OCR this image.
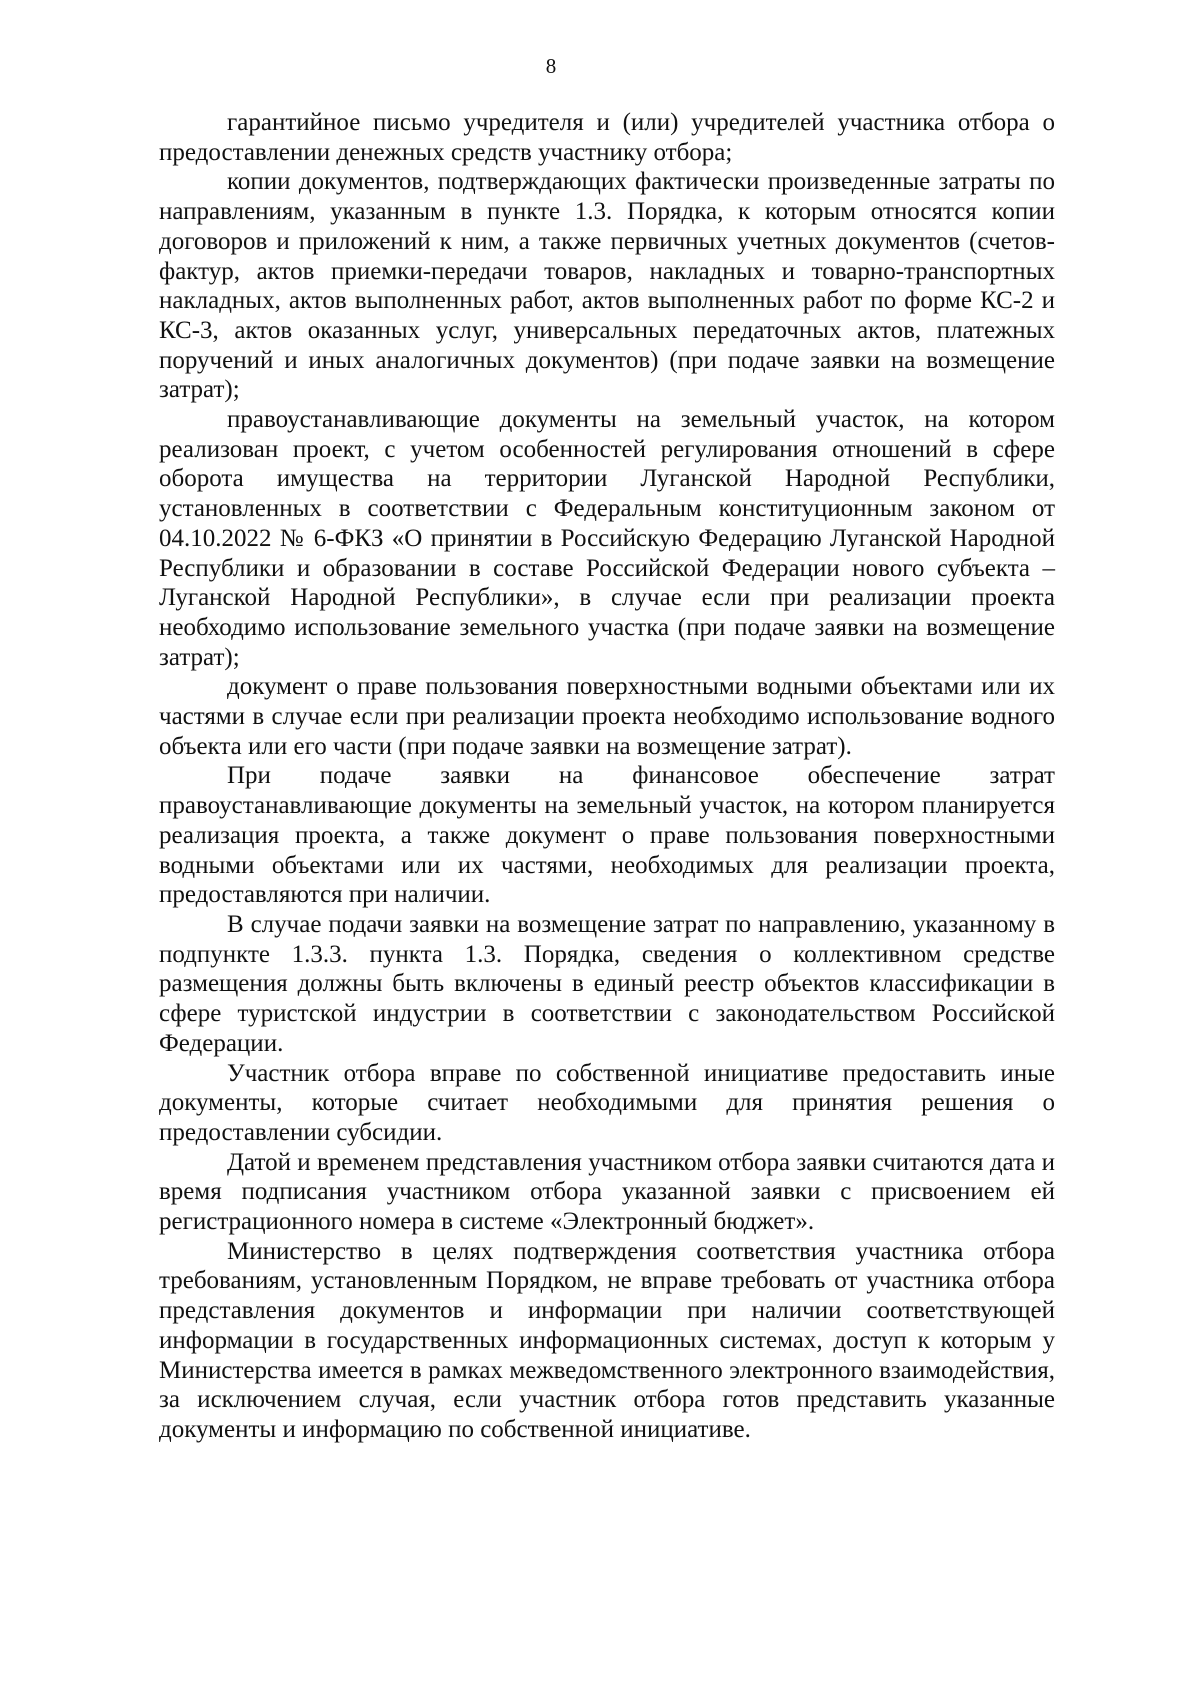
8

гарантийное письмо учредителя и (или) учредителей участника отбора о предоставлении денежных средств участнику отбора;

копии документов, подтверждающих фактически произведенные затраты по направлениям, указанным в пункте 1.3. Порядка, к которым относятся копии договоров и приложений к ним, а также первичных учетных документов (счетов-фактур, актов приемки-передачи товаров, накладных и товарно-транспортных накладных, актов выполненных работ, актов выполненных работ по форме КС-2 и КС-3, актов оказанных услуг, универсальных передаточных актов, платежных поручений и иных аналогичных документов) (при подаче заявки на возмещение затрат);

правоустанавливающие документы на земельный участок, на котором реализован проект, с учетом особенностей регулирования отношений в сфере оборота имущества на территории Луганской Народной Республики, установленных в соответствии с Федеральным конституционным законом от 04.10.2022 № 6-ФКЗ «О принятии в Российскую Федерацию Луганской Народной Республики и образовании в составе Российской Федерации нового субъекта – Луганской Народной Республики», в случае если при реализации проекта необходимо использование земельного участка (при подаче заявки на возмещение затрат);

документ о праве пользования поверхностными водными объектами или их частями в случае если при реализации проекта необходимо использование водного объекта или его части (при подаче заявки на возмещение затрат).

При подаче заявки на финансовое обеспечение затрат правоустанавливающие документы на земельный участок, на котором планируется реализация проекта, а также документ о праве пользования поверхностными водными объектами или их частями, необходимых для реализации проекта, предоставляются при наличии.

В случае подачи заявки на возмещение затрат по направлению, указанному в подпункте 1.3.3. пункта 1.3. Порядка, сведения о коллективном средстве размещения должны быть включены в единый реестр объектов классификации в сфере туристской индустрии в соответствии с законодательством Российской Федерации.

Участник отбора вправе по собственной инициативе предоставить иные документы, которые считает необходимыми для принятия решения о предоставлении субсидии.

Датой и временем представления участником отбора заявки считаются дата и время подписания участником отбора указанной заявки с присвоением ей регистрационного номера в системе «Электронный бюджет».

Министерство в целях подтверждения соответствия участника отбора требованиям, установленным Порядком, не вправе требовать от участника отбора представления документов и информации при наличии соответствующей информации в государственных информационных системах, доступ к которым у Министерства имеется в рамках межведомственного электронного взаимодействия, за исключением случая, если участник отбора готов представить указанные документы и информацию по собственной инициативе.
